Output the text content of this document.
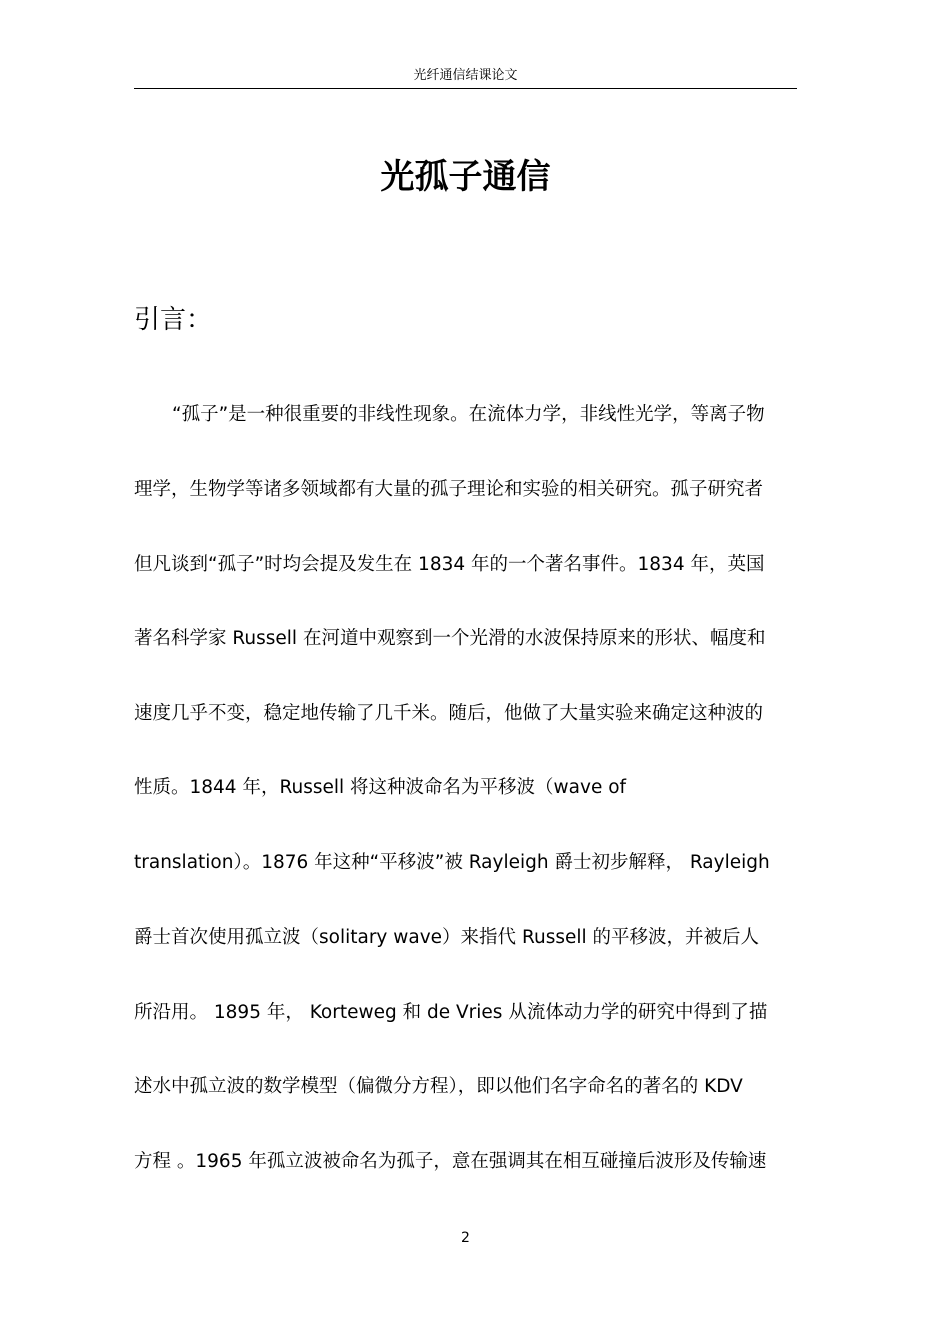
光纤通信结课论文
光孤子通信
引言：
“孤子”是一种很重要的非线性现象。在流体力学，非线性光学，等离子物
理学，生物学等诸多领域都有大量的孤子理论和实验的相关研究。孤子研究者
但凡谈到“孤子”时均会提及发生在 1834 年的一个著名事件。1834 年，英国
著名科学家 Russell 在河道中观察到一个光滑的水波保持原来的形状、幅度和
速度几乎不变，稳定地传输了几千米。随后，他做了大量实验来确定这种波的
性质。1844 年，Russell 将这种波命名为平移波（wave of
translation）。1876 年这种“平移波”被 Rayleigh 爵士初步解释， Rayleigh
爵士首次使用孤立波（solitary wave）来指代 Russell 的平移波，并被后人
所沿用。 1895 年， Korteweg 和 de Vries 从流体动力学的研究中得到了描
述水中孤立波的数学模型（偏微分方程），即以他们名字命名的著名的 KDV
方程 。1965 年孤立波被命名为孤子，意在强调其在相互碰撞后波形及传输速
2
